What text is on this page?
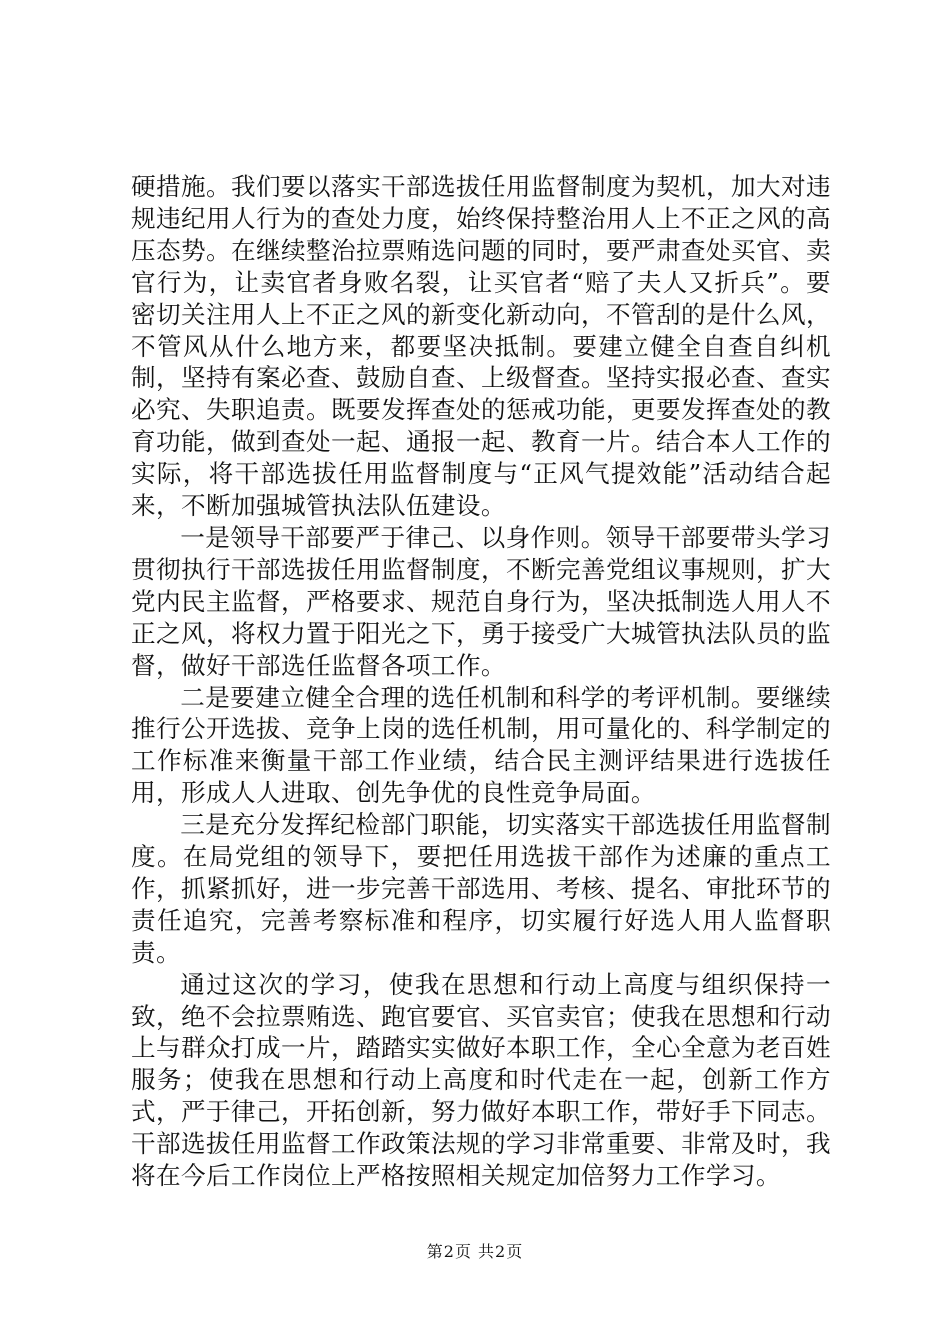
硬措施。我们要以落实干部选拔任用监督制度为契机，加大对违规违纪用人行为的查处力度，始终保持整治用人上不正之风的高压态势。在继续整治拉票贿选问题的同时，要严肃查处买官、卖官行为，让卖官者身败名裂，让买官者“赔了夫人又折兵”。要密切关注用人上不正之风的新变化新动向，不管刮的是什么风，不管风从什么地方来，都要坚决抵制。要建立健全自查自纠机制，坚持有案必查、鼓励自查、上级督查。坚持实报必查、查实必究、失职追责。既要发挥查处的惩戒功能，更要发挥查处的教育功能，做到查处一起、通报一起、教育一片。结合本人工作的实际，将干部选拔任用监督制度与“正风气提效能”活动结合起来，不断加强城管执法队伍建设。

一是领导干部要严于律己、以身作则。领导干部要带头学习贯彻执行干部选拔任用监督制度，不断完善党组议事规则，扩大党内民主监督，严格要求、规范自身行为，坚决抵制选人用人不正之风，将权力置于阳光之下，勇于接受广大城管执法队员的监督，做好干部选任监督各项工作。

二是要建立健全合理的选任机制和科学的考评机制。要继续推行公开选拔、竞争上岗的选任机制，用可量化的、科学制定的工作标准来衡量干部工作业绩，结合民主测评结果进行选拔任用，形成人人进取、创先争优的良性竞争局面。

三是充分发挥纪检部门职能，切实落实干部选拔任用监督制度。在局党组的领导下，要把任用选拔干部作为述廉的重点工作，抓紧抓好，进一步完善干部选用、考核、提名、审批环节的责任追究，完善考察标准和程序，切实履行好选人用人监督职责。

通过这次的学习，使我在思想和行动上高度与组织保持一致，绝不会拉票贿选、跑官要官、买官卖官；使我在思想和行动上与群众打成一片，踏踏实实做好本职工作，全心全意为老百姓服务；使我在思想和行动上高度和时代走在一起，创新工作方式，严于律己，开拓创新，努力做好本职工作，带好手下同志。干部选拔任用监督工作政策法规的学习非常重要、非常及时，我将在今后工作岗位上严格按照相关规定加倍努力工作学习。

第2页 共2页
